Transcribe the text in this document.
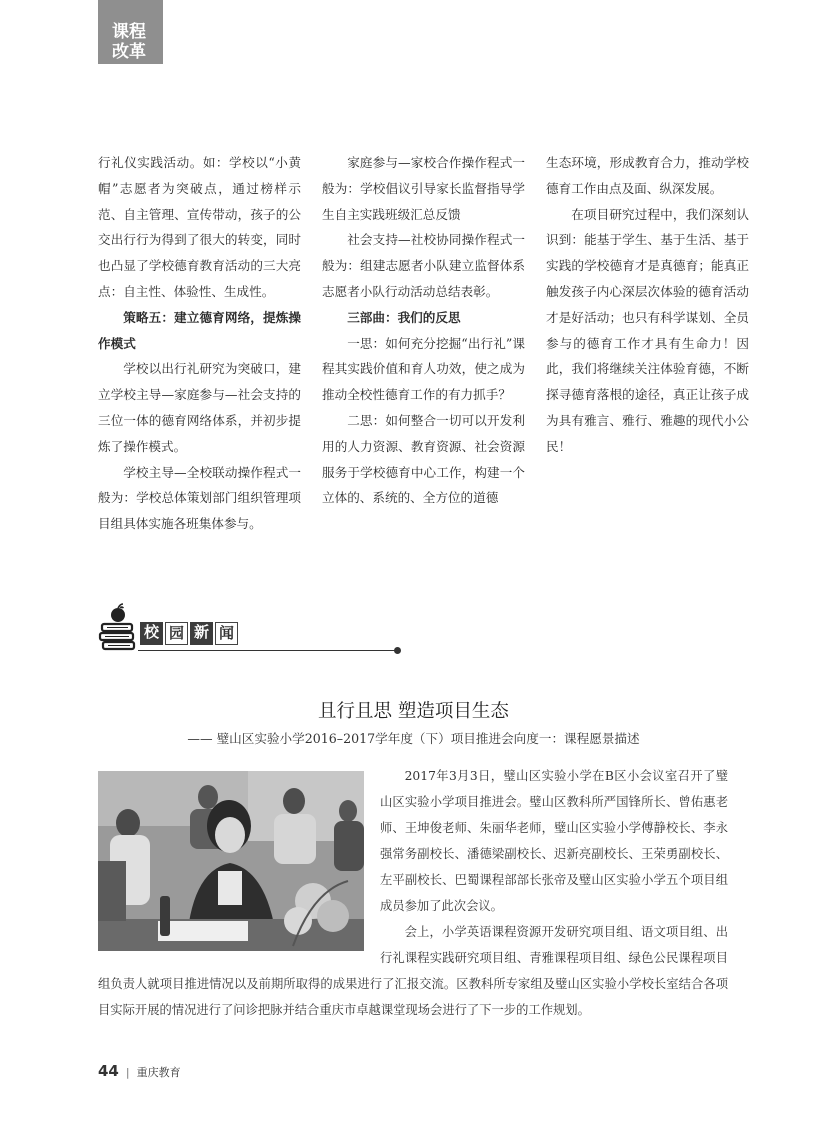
课程
改革

行礼仪实践活动。如：学校以“小黄帽”志愿者为突破点，通过榜样示范、自主管理、宣传带动，孩子的公交出行行为得到了很大的转变，同时也凸显了学校德育教育活动的三大亮点：自主性、体验性、生成性。

策略五：建立德育网络，提炼操作模式

学校以出行礼研究为突破口，建立学校主导—家庭参与—社会支持的三位一体的德育网络体系，并初步提炼了操作模式。

学校主导—全校联动操作程式一般为：学校总体策划部门组织管理项目组具体实施各班集体参与。

家庭参与—家校合作操作程式一般为：学校倡议引导家长监督指导学生自主实践班级汇总反馈

社会支持—社校协同操作程式一般为：组建志愿者小队建立监督体系志愿者小队行动活动总结表彰。

三部曲：我们的反思

一思：如何充分挖掘“出行礼”课程其实践价值和育人功效，使之成为推动全校性德育工作的有力抓手？

二思：如何整合一切可以开发利用的人力资源、教育资源、社会资源服务于学校德育中心工作，构建一个立体的、系统的、全方位的道德

生态环境，形成教育合力，推动学校德育工作由点及面、纵深发展。

在项目研究过程中，我们深刻认识到：能基于学生、基于生活、基于实践的学校德育才是真德育；能真正触发孩子内心深层次体验的德育活动才是好活动；也只有科学谋划、全员参与的德育工作才具有生命力！因此，我们将继续关注体验育德，不断探寻德育落根的途径，真正让孩子成为具有雅言、雅行、雅趣的现代小公民！

校 园 新 闻
且行且思 塑造项目生态
—— 璧山区实验小学2016–2017学年度（下）项目推进会向度一：课程愿景描述

2017年3月3日，璧山区实验小学在B区小会议室召开了璧山区实验小学项目推进会。璧山区教科所严国锋所长、曾佑惠老师、王坤俊老师、朱丽华老师，璧山区实验小学傅静校长、李永强常务副校长、潘德梁副校长、迟新亮副校长、王荣勇副校长、左平副校长、巴蜀课程部部长张帝及璧山区实验小学五个项目组成员参加了此次会议。

会上，小学英语课程资源开发研究项目组、语文项目组、出行礼课程实践研究项目组、青雅课程项目组、绿色公民课程项目组负责人就项目推进情况以及前期所取得的成果进行了汇报交流。区教科所专家组及璧山区实验小学校长室结合各项目实际开展的情况进行了问诊把脉并结合重庆市卓越课堂现场会进行了下一步的工作规划。

44 | 重庆教育
